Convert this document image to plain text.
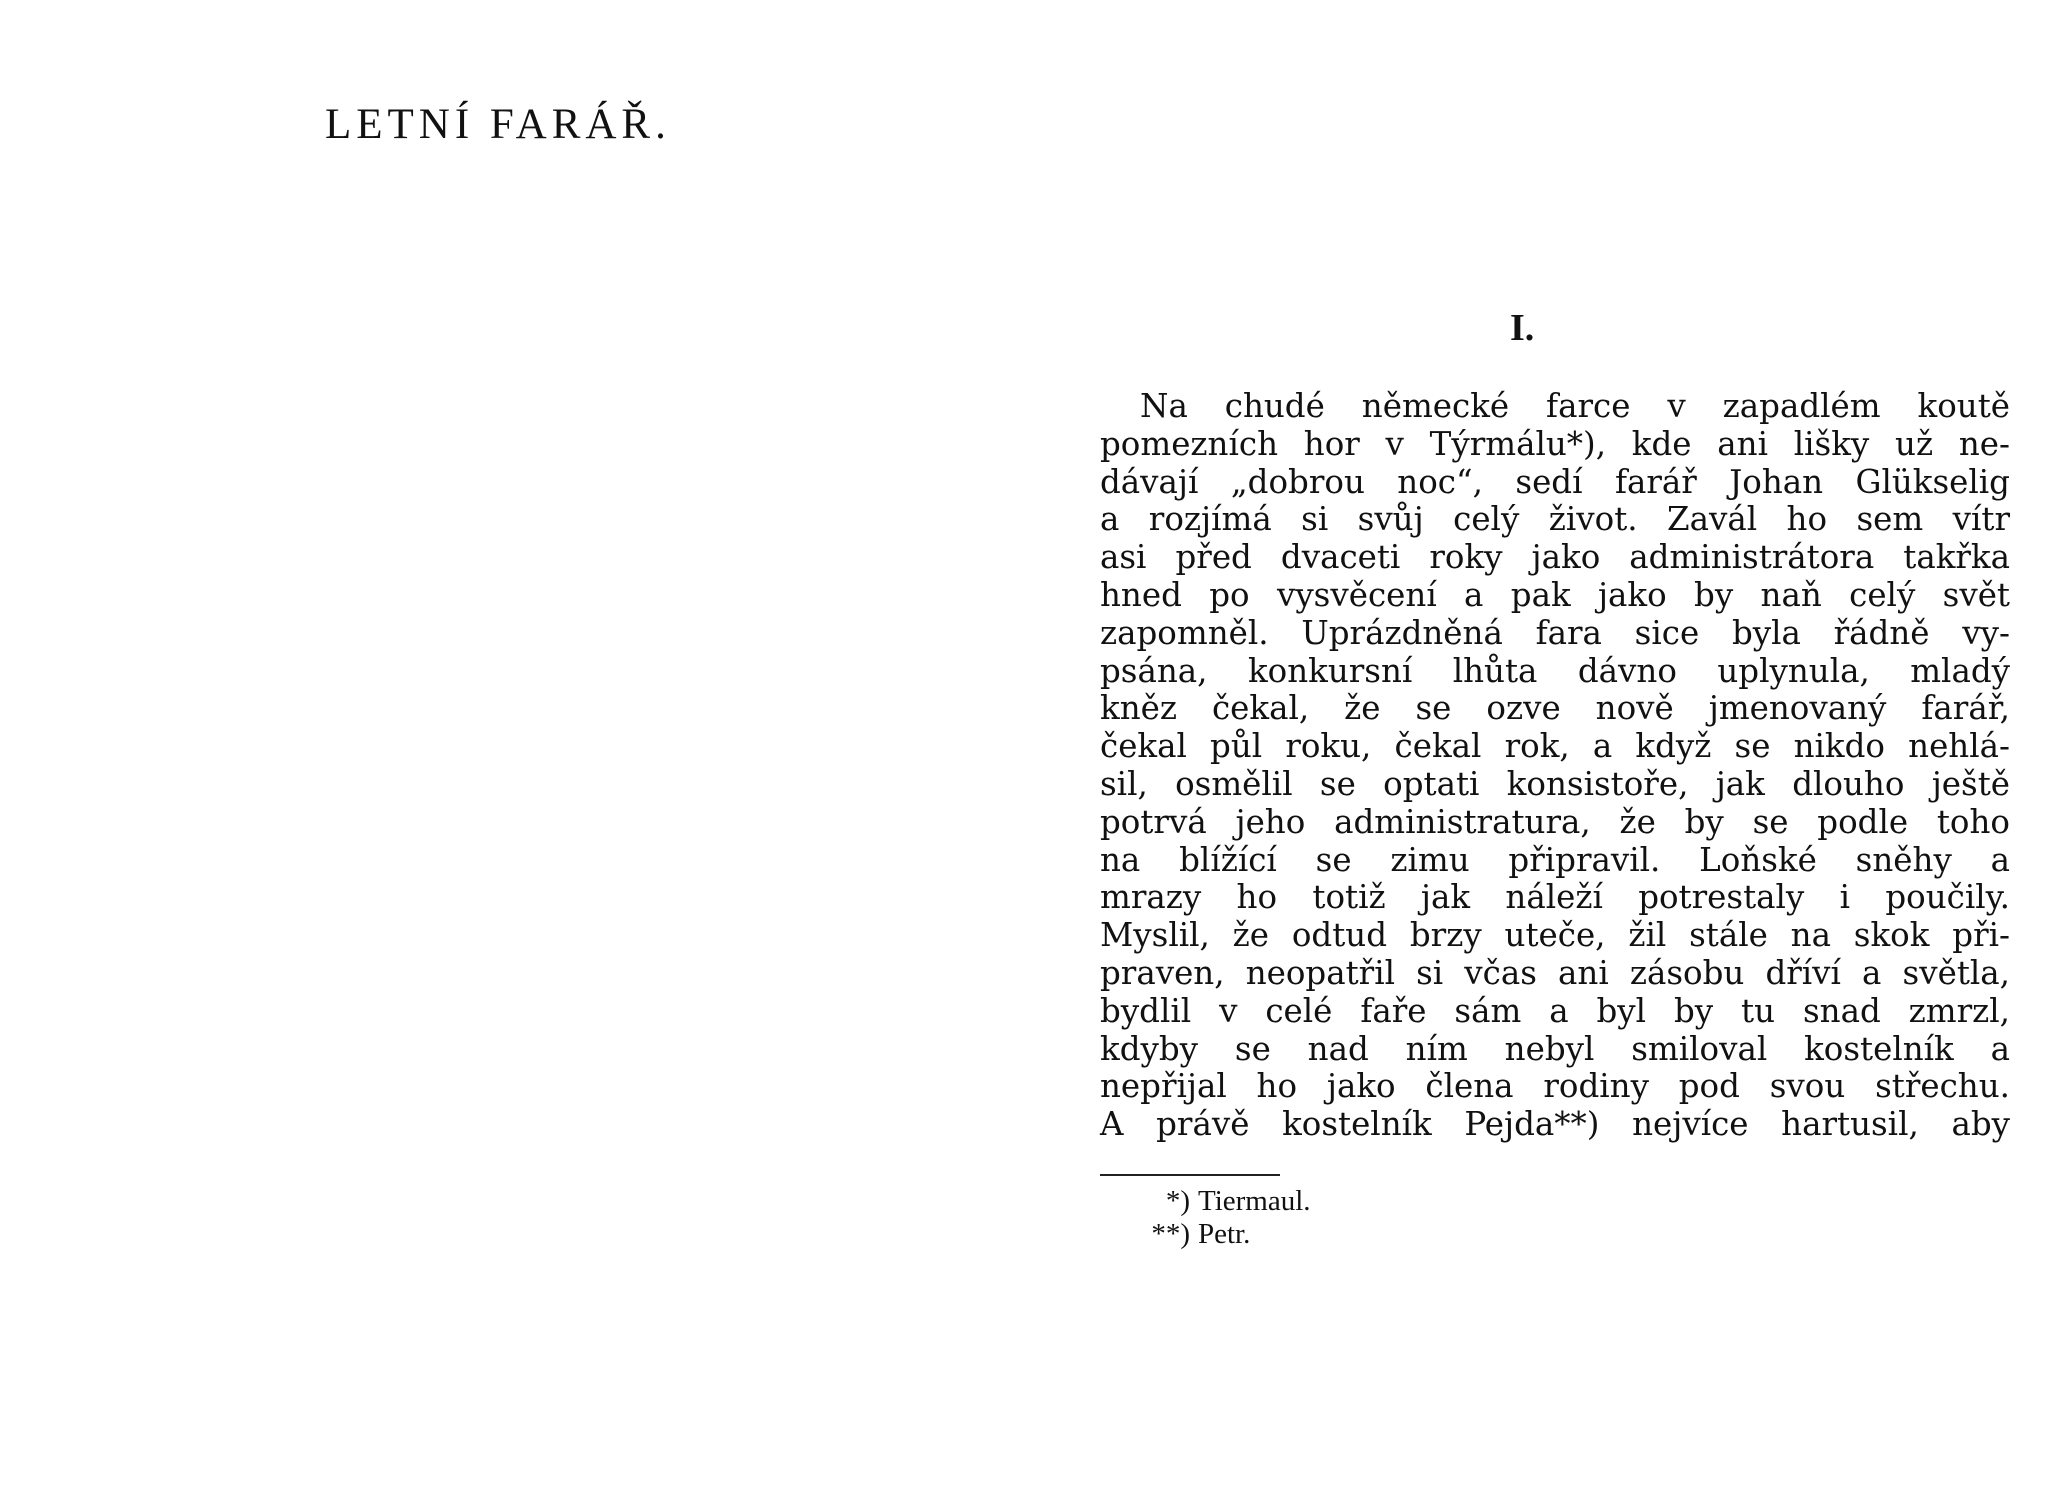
LETNÍ FARÁŘ.
I.
Na chudé německé farce v zapadlém koutě
pomezních hor v Týrmálu*), kde ani lišky už ne-
dávají „dobrou noc“, sedí farář Johan Glükselig
a rozjímá si svůj celý život. Zavál ho sem vítr
asi před dvaceti roky jako administrátora takřka
hned po vysvěcení a pak jako by naň celý svět
zapomněl. Uprázdněná fara sice byla řádně vy-
psána, konkursní lhůta dávno uplynula, mladý
kněz čekal, že se ozve nově jmenovaný farář,
čekal půl roku, čekal rok, a když se nikdo nehlá-
sil, osmělil se optati konsistoře, jak dlouho ještě
potrvá jeho administratura, že by se podle toho
na blížící se zimu připravil. Loňské sněhy a
mrazy ho totiž jak náleží potrestaly i poučily.
Myslil, že odtud brzy uteče, žil stále na skok při-
praven, neopatřil si včas ani zásobu dříví a světla,
bydlil v celé faře sám a byl by tu snad zmrzl,
kdyby se nad ním nebyl smiloval kostelník a
nepřijal ho jako člena rodiny pod svou střechu.
A právě kostelník Pejda**) nejvíce hartusil, aby
*) Tiermaul.
**) Petr.
